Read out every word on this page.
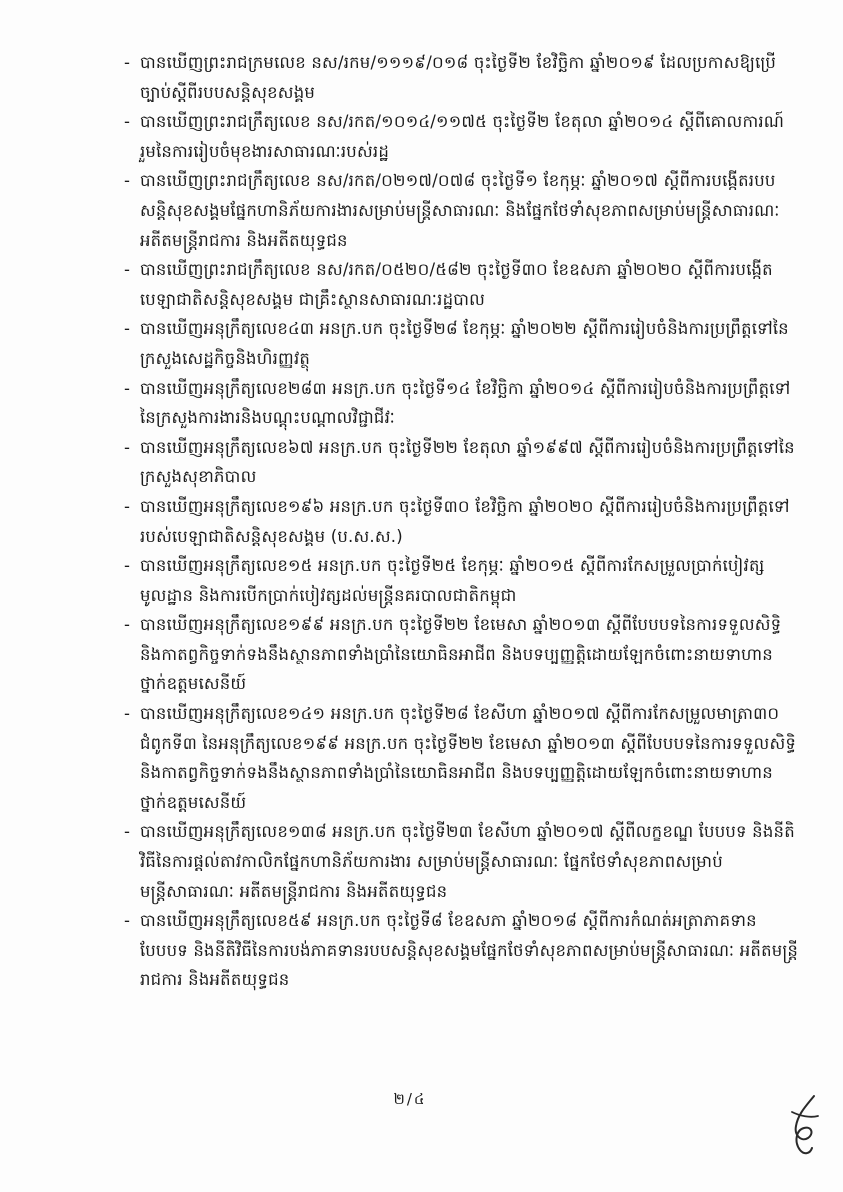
- បានឃើញព្រះរាជក្រមលេខ នស/រកម/១១១៩/០១៨ ចុះថ្ងៃទី២ ខែវិច្ឆិកា ឆ្នាំ២០១៩ ដែលប្រកាសឱ្យប្រើច្បាប់ស្តីពីរបបសន្តិសុខសង្គម
- បានឃើញព្រះរាជក្រឹត្យលេខ នស/រកត/១០១៤/១១៧៥ ចុះថ្ងៃទី២ ខែតុលា ឆ្នាំ២០១៤ ស្តីពីគោលការណ៍រួមនៃការរៀបចំមុខងារសាធារណៈរបស់រដ្ឋ
- បានឃើញព្រះរាជក្រឹត្យលេខ នស/រកត/០២១៧/០៧៨ ចុះថ្ងៃទី១ ខែកុម្ភៈ ឆ្នាំ២០១៧ ស្តីពីការបង្កើតរបបសន្តិសុខសង្គមផ្នែកហានិភ័យការងារសម្រាប់មន្ត្រីសាធារណៈ និងផ្នែកថែទាំសុខភាពសម្រាប់មន្ត្រីសាធារណៈ អតីតមន្ត្រីរាជការ និងអតីតយុទ្ធជន
- បានឃើញព្រះរាជក្រឹត្យលេខ នស/រកត/០៥២០/៥៨២ ចុះថ្ងៃទី៣០ ខែឧសភា ឆ្នាំ២០២០ ស្តីពីការបង្កើតបេឡាជាតិសន្តិសុខសង្គម ជាគ្រឹះស្ថានសាធារណៈរដ្ឋបាល
- បានឃើញអនុក្រឹត្យលេខ៤៣ អនក្រ.បក ចុះថ្ងៃទី២៨ ខែកុម្ភៈ ឆ្នាំ២០២២ ស្តីពីការរៀបចំនិងការប្រព្រឹត្តទៅនៃក្រសួងសេដ្ឋកិច្ចនិងហិរញ្ញវត្ថុ
- បានឃើញអនុក្រឹត្យលេខ២៨៣ អនក្រ.បក ចុះថ្ងៃទី១៤ ខែវិច្ឆិកា ឆ្នាំ២០១៤ ស្តីពីការរៀបចំនិងការប្រព្រឹត្តទៅនៃក្រសួងការងារនិងបណ្តុះបណ្តាលវិជ្ជាជីវៈ
- បានឃើញអនុក្រឹត្យលេខ៦៧ អនក្រ.បក ចុះថ្ងៃទី២២ ខែតុលា ឆ្នាំ១៩៩៧ ស្តីពីការរៀបចំនិងការប្រព្រឹត្តទៅនៃក្រសួងសុខាភិបាល
- បានឃើញអនុក្រឹត្យលេខ១៩៦ អនក្រ.បក ចុះថ្ងៃទី៣០ ខែវិច្ឆិកា ឆ្នាំ២០២០ ស្តីពីការរៀបចំនិងការប្រព្រឹត្តទៅរបស់បេឡាជាតិសន្តិសុខសង្គម (ប.ស.ស.)
- បានឃើញអនុក្រឹត្យលេខ១៥ អនក្រ.បក ចុះថ្ងៃទី២៥ ខែកុម្ភៈ ឆ្នាំ២០១៥ ស្តីពីការកែសម្រួលប្រាក់បៀវត្សមូលដ្ឋាន និងការបើកប្រាក់បៀវត្សដល់មន្ត្រីនគរបាលជាតិកម្ពុជា
- បានឃើញអនុក្រឹត្យលេខ១៩៩ អនក្រ.បក ចុះថ្ងៃទី២២ ខែមេសា ឆ្នាំ២០១៣ ស្តីពីបែបបទនៃការទទួលសិទ្ធិ និងកាតព្វកិច្ចទាក់ទងនឹងស្ថានភាពទាំងប្រាំនៃយោធិនអាជីព និងបទប្បញ្ញត្តិដោយឡែកចំពោះនាយទាហានថ្នាក់ឧត្តមសេនីយ៍
- បានឃើញអនុក្រឹត្យលេខ១៤១ អនក្រ.បក ចុះថ្ងៃទី២៨ ខែសីហា ឆ្នាំ២០១៧ ស្តីពីការកែសម្រួលមាត្រា៣០ ជំពូកទី៣ នៃអនុក្រឹត្យលេខ១៩៩ អនក្រ.បក ចុះថ្ងៃទី២២ ខែមេសា ឆ្នាំ២០១៣ ស្តីពីបែបបទនៃការទទួលសិទ្ធិ និងកាតព្វកិច្ចទាក់ទងនឹងស្ថានភាពទាំងប្រាំនៃយោធិនអាជីព និងបទប្បញ្ញត្តិដោយឡែកចំពោះនាយទាហានថ្នាក់ឧត្តមសេនីយ៍
- បានឃើញអនុក្រឹត្យលេខ១៣៨ អនក្រ.បក ចុះថ្ងៃទី២៣ ខែសីហា ឆ្នាំ២០១៧ ស្តីពីលក្ខខណ្ឌ បែបបទ និងនីតិវិធីនៃការផ្តល់តាវកាលិកផ្នែកហានិភ័យការងារ សម្រាប់មន្ត្រីសាធារណៈ ផ្នែកថែទាំសុខភាពសម្រាប់មន្ត្រីសាធារណៈ អតីតមន្ត្រីរាជការ និងអតីតយុទ្ធជន
- បានឃើញអនុក្រឹត្យលេខ៥៩ អនក្រ.បក ចុះថ្ងៃទី៨ ខែឧសភា ឆ្នាំ២០១៨ ស្តីពីការកំណត់អត្រាភាគទាន បែបបទ និងនីតិវិធីនៃការបង់ភាគទានរបបសន្តិសុខសង្គមផ្នែកថែទាំសុខភាពសម្រាប់មន្ត្រីសាធារណៈ អតីតមន្ត្រីរាជការ និងអតីតយុទ្ធជន
២/៤
